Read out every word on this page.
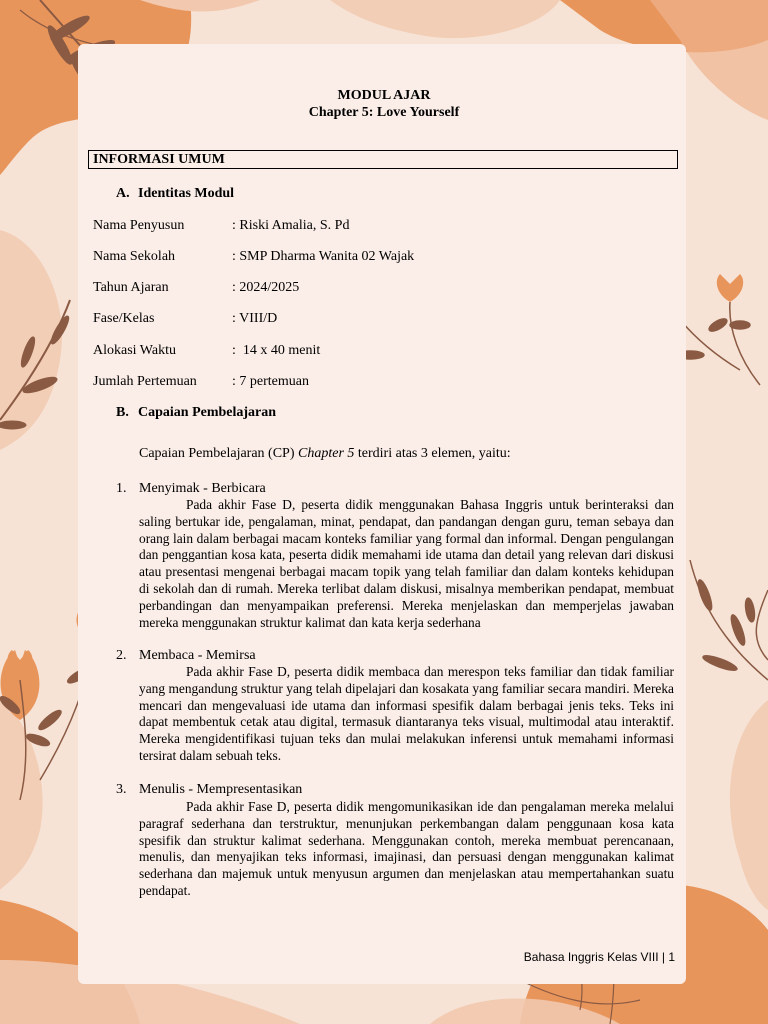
MODUL AJAR
Chapter 5: Love Yourself
INFORMASI UMUM
A. Identitas Modul
Nama Penyusun	: Riski Amalia, S. Pd
Nama Sekolah	: SMP Dharma Wanita 02 Wajak
Tahun Ajaran	: 2024/2025
Fase/Kelas	: VIII/D
Alokasi Waktu	:  14 x 40 menit
Jumlah Pertemuan	: 7 pertemuan
B. Capaian Pembelajaran
Capaian Pembelajaran (CP) Chapter 5 terdiri atas 3 elemen, yaitu:
1. Menyimak - Berbicara
Pada akhir Fase D, peserta didik menggunakan Bahasa Inggris untuk berinteraksi dan saling bertukar ide, pengalaman, minat, pendapat, dan pandangan dengan guru, teman sebaya dan orang lain dalam berbagai macam konteks familiar yang formal dan informal. Dengan pengulangan dan penggantian kosa kata, peserta didik memahami ide utama dan detail yang relevan dari diskusi atau presentasi mengenai berbagai macam topik yang telah familiar dan dalam konteks kehidupan di sekolah dan di rumah. Mereka terlibat dalam diskusi, misalnya memberikan pendapat, membuat perbandingan dan menyampaikan preferensi. Mereka menjelaskan dan memperjelas jawaban mereka menggunakan struktur kalimat dan kata kerja sederhana
2. Membaca - Memirsa
Pada akhir Fase D, peserta didik membaca dan merespon teks familiar dan tidak familiar yang mengandung struktur yang telah dipelajari dan kosakata yang familiar secara mandiri. Mereka mencari dan mengevaluasi ide utama dan informasi spesifik dalam berbagai jenis teks. Teks ini dapat membentuk cetak atau digital, termasuk diantaranya teks visual, multimodal atau interaktif. Mereka mengidentifikasi tujuan teks dan mulai melakukan inferensi untuk memahami informasi tersirat dalam sebuah teks.
3. Menulis - Mempresentasikan
Pada akhir Fase D, peserta didik mengomunikasikan ide dan pengalaman mereka melalui paragraf sederhana dan terstruktur, menunjukan perkembangan dalam penggunaan kosa kata spesifik dan struktur kalimat sederhana. Menggunakan contoh, mereka membuat perencanaan, menulis, dan menyajikan teks informasi, imajinasi, dan persuasi dengan menggunakan kalimat sederhana dan majemuk untuk menyusun argumen dan menjelaskan atau mempertahankan suatu pendapat.
Bahasa Inggris Kelas VIII | 1
